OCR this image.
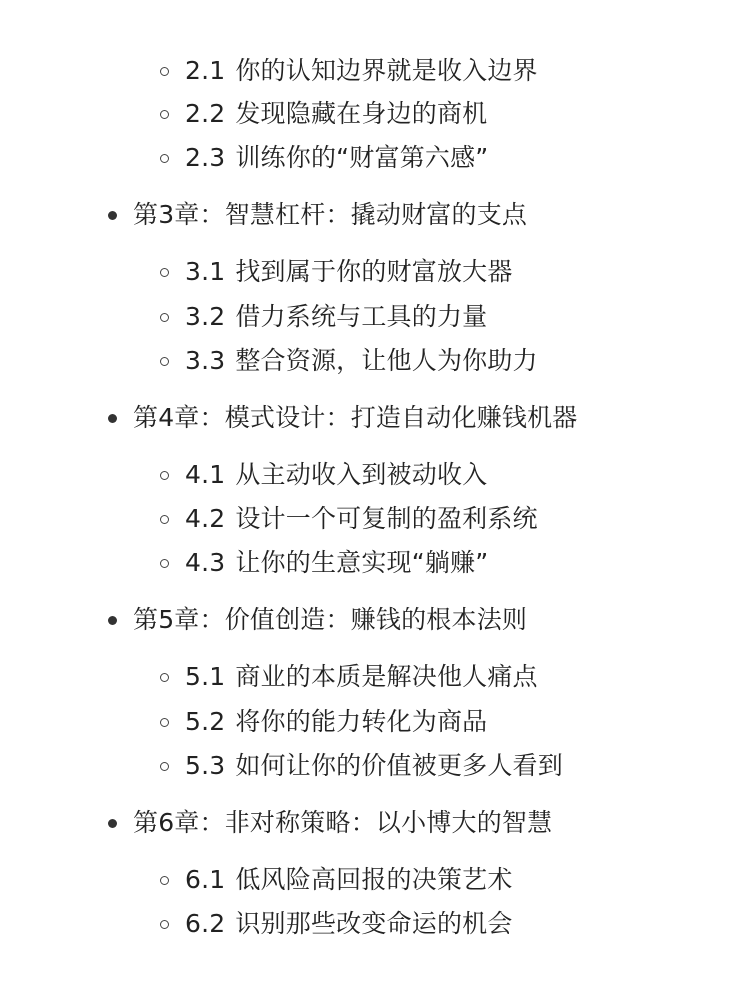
2.1 你的认知边界就是收入边界
2.2 发现隐藏在身边的商机
2.3 训练你的“财富第六感”
第3章：智慧杠杆：撬动财富的支点
3.1 找到属于你的财富放大器
3.2 借力系统与工具的力量
3.3 整合资源，让他人为你助力
第4章：模式设计：打造自动化赚钱机器
4.1 从主动收入到被动收入
4.2 设计一个可复制的盈利系统
4.3 让你的生意实现“躺赚”
第5章：价值创造：赚钱的根本法则
5.1 商业的本质是解决他人痛点
5.2 将你的能力转化为商品
5.3 如何让你的价值被更多人看到
第6章：非对称策略：以小博大的智慧
6.1 低风险高回报的决策艺术
6.2 识别那些改变命运的机会
